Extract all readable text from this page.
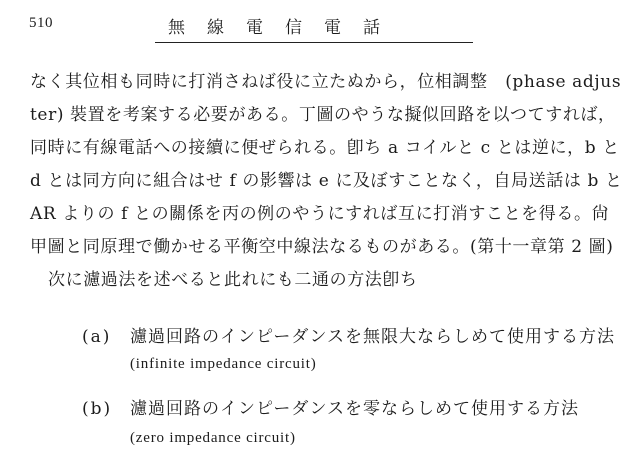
510	無線電信電話
なく其位相も同時に打消さねば役に立たぬから，位相調整　(phase adjus
ter) 裝置を考案する必要がある。丁圖のやうな擬似回路を以つてすれば，
同時に有線電話への接續に便ぜられる。卽ち a コイルと c とは逆に，b と
d とは同方向に組合はせ f の影響は e に及ぼすことなく，自局送話は b と
AR よりの f との關係を丙の例のやうにすれば互に打消すことを得る。尙
甲圖と同原理で働かせる平衡空中線法なるものがある。(第十一章第 2 圖)
次に濾過法を述べると此れにも二通の方法卽ち
(a) 濾過回路のインピーダンスを無限大ならしめて使用する方法
(infinite impedance circuit)
(b) 濾過回路のインピーダンスを零ならしめて使用する方法
(zero impedance circuit)
